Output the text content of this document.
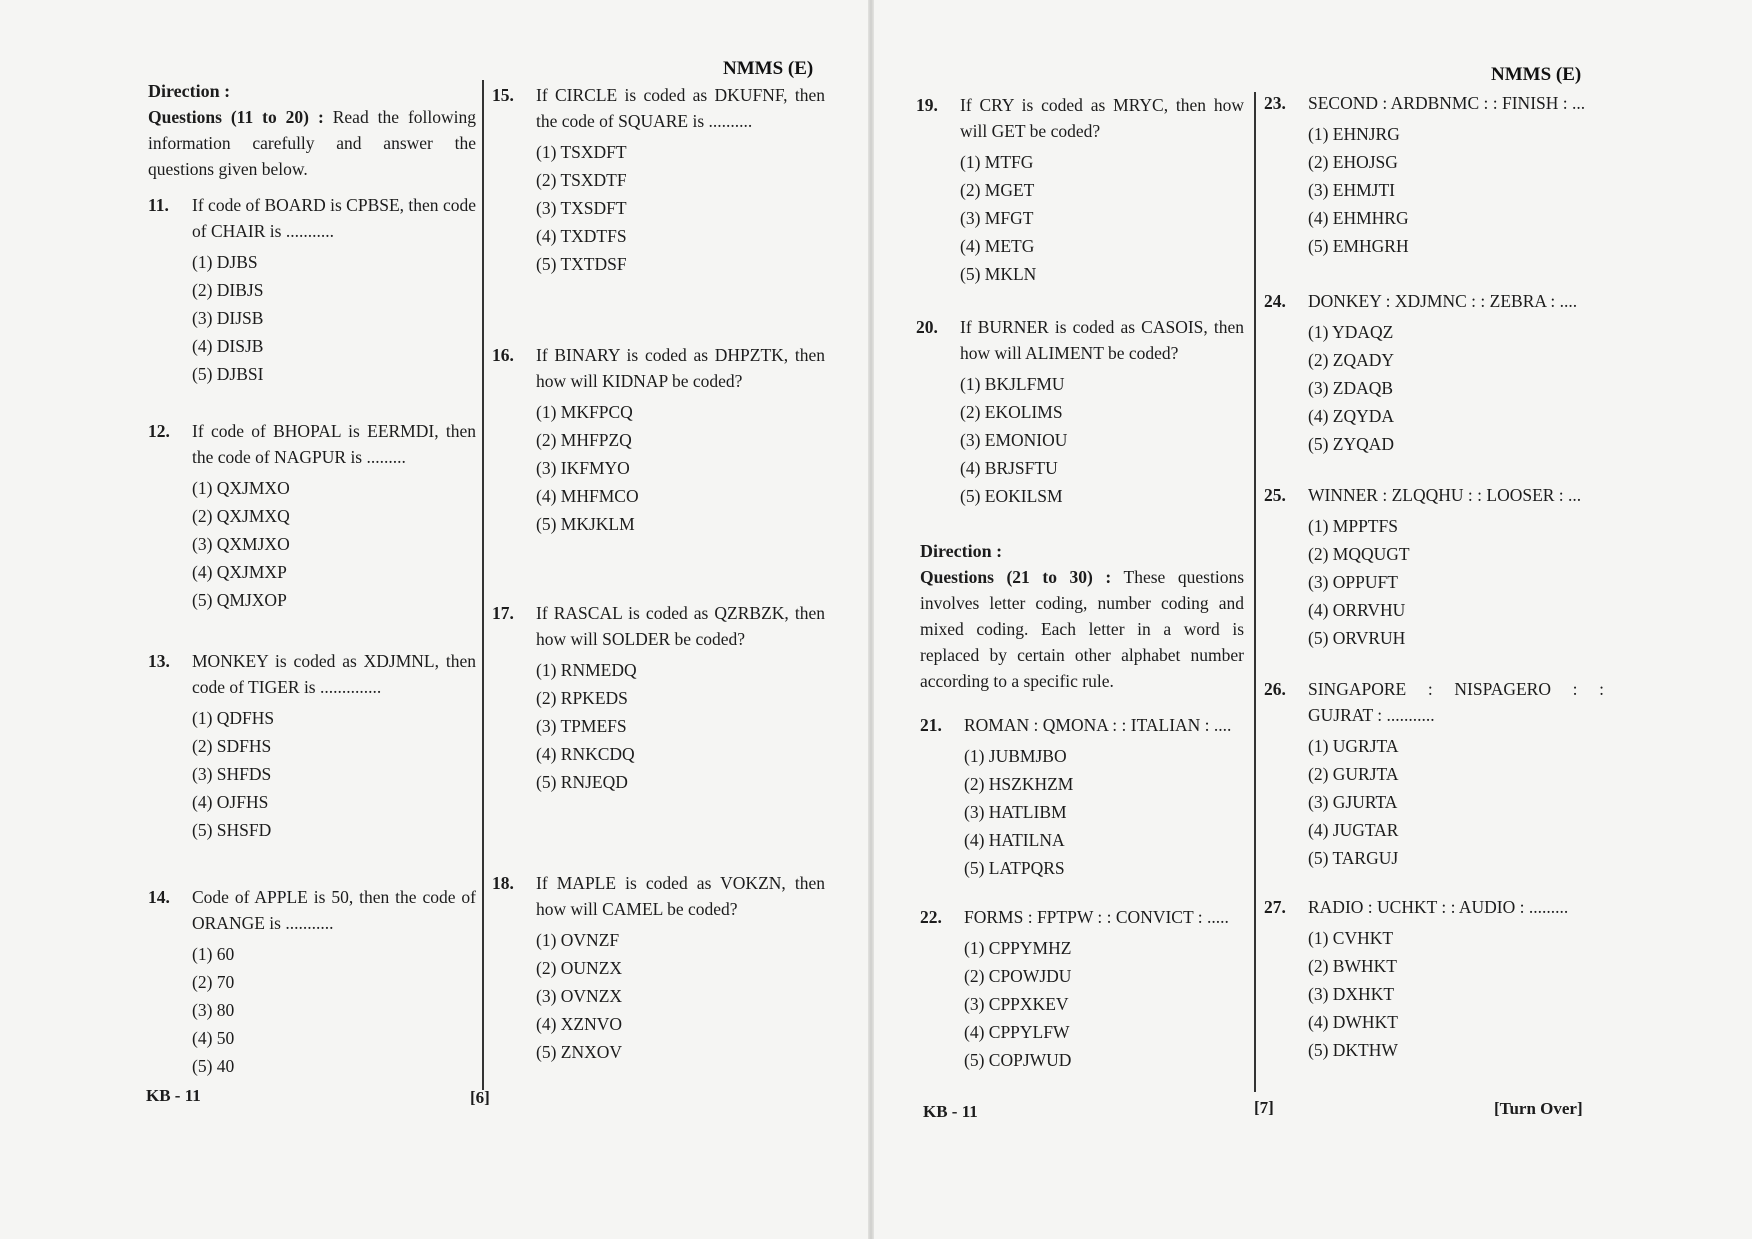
NMMS (E)
Direction :
Questions (11 to 20) : Read the following information carefully and answer the questions given below.
11. If code of BOARD is CPBSE, then code of CHAIR is ...........
(1) DJBS
(2) DIBJS
(3) DIJSB
(4) DISJB
(5) DJBSI
12. If code of BHOPAL is EERMDI, then the code of NAGPUR is .........
(1) QXJMXO
(2) QXJMXQ
(3) QXMJXO
(4) QXJMXP
(5) QMJXOP
13. MONKEY is coded as XDJMNL, then code of TIGER is ..............
(1) QDFHS
(2) SDFHS
(3) SHFDS
(4) OJFHS
(5) SHSFD
14. Code of APPLE is 50, then the code of ORANGE is ...........
(1) 60
(2) 70
(3) 80
(4) 50
(5) 40
15. If CIRCLE is coded as DKUFNF, then the code of SQUARE is ..........
(1) TSXDFT
(2) TSXDTF
(3) TXSDFT
(4) TXDTFS
(5) TXTDSF
16. If BINARY is coded as DHPZTK, then how will KIDNAP be coded?
(1) MKFPCQ
(2) MHFPZQ
(3) IKFMYO
(4) MHFMCO
(5) MKJKLM
17. If RASCAL is coded as QZRBZK, then how will SOLDER be coded?
(1) RNMEDQ
(2) RPKEDS
(3) TPMEFS
(4) RNKCDQ
(5) RNJEQD
18. If MAPLE is coded as VOKZN, then how will CAMEL be coded?
(1) OVNZF
(2) OUNZX
(3) OVNZX
(4) XZNVO
(5) ZNXOV
KB - 11	[6]
NMMS (E)
19. If CRY is coded as MRYC, then how will GET be coded?
(1) MTFG
(2) MGET
(3) MFGT
(4) METG
(5) MKLN
20. If BURNER is coded as CASOIS, then how will ALIMENT be coded?
(1) BKJLFMU
(2) EKOLIMS
(3) EMONIOU
(4) BRJSFTU
(5) EOKILSM
Direction :
Questions (21 to 30) : These questions involves letter coding, number coding and mixed coding. Each letter in a word is replaced by certain other alphabet number according to a specific rule.
21. ROMAN : QMONA : : ITALIAN : ....
(1) JUBMJBO
(2) HSZKHZM
(3) HATLIBM
(4) HATILNA
(5) LATPQRS
22. FORMS : FPTPW : : CONVICT : .....
(1) CPPYMHZ
(2) CPOWJDU
(3) CPPXKEV
(4) CPPYLFW
(5) COPJWUD
23. SECOND : ARDBNMC : : FINISH : ...
(1) EHNJRG
(2) EHOJSG
(3) EHMJTI
(4) EHMHRG
(5) EMHGRH
24. DONKEY : XDJMNC : : ZEBRA : ....
(1) YDAQZ
(2) ZQADY
(3) ZDAQB
(4) ZQYDA
(5) ZYQAD
25. WINNER : ZLQQHU : : LOOSER : ...
(1) MPPTFS
(2) MQQUGT
(3) OPPUFT
(4) ORRVHU
(5) ORVRUH
26. SINGAPORE : NISPAGERO : : GUJRAT : ...........
(1) UGRJTA
(2) GURJTA
(3) GJURTA
(4) JUGTAR
(5) TARGUJ
27. RADIO : UCHKT : : AUDIO : .........
(1) CVHKT
(2) BWHKT
(3) DXHKT
(4) DWHKT
(5) DKTHW
KB - 11	[7]	[Turn Over]
